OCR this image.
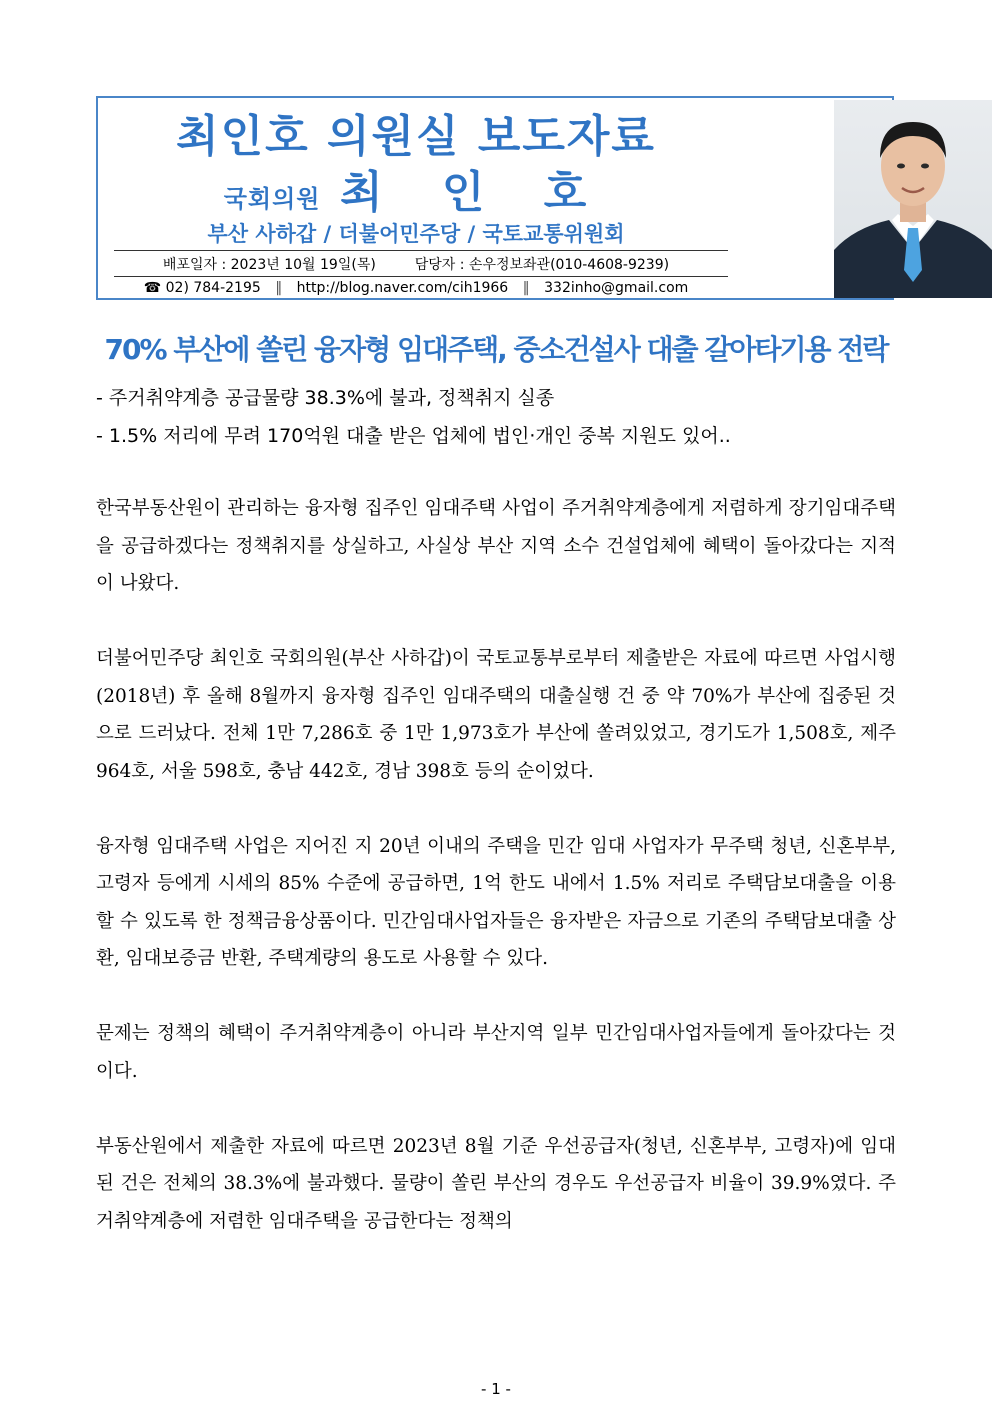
최인호 의원실 보도자료
국회의원 최 인 호
부산 사하갑 / 더불어민주당 / 국토교통위원회
배포일자 : 2023년 10월 19일(목)	담당자 : 손우정보좌관(010-4608-9239)
☎ 02) 784-2195 ‖ http://blog.naver.com/cih1966 ‖ 332inho@gmail.com
70% 부산에 쏠린 융자형 임대주택, 중소건설사 대출 갈아타기용 전락
- 주거취약계층 공급물량 38.3%에 불과, 정책취지 실종
- 1.5% 저리에 무려 170억원 대출 받은 업체에 법인·개인 중복 지원도 있어..

한국부동산원이 관리하는 융자형 집주인 임대주택 사업이 주거취약계층에게 저렴하게 장기임대주택을 공급하겠다는 정책취지를 상실하고, 사실상 부산 지역 소수 건설업체에 혜택이 돌아갔다는 지적이 나왔다.

더불어민주당 최인호 국회의원(부산 사하갑)이 국토교통부로부터 제출받은 자료에 따르면 사업시행(2018년) 후 올해 8월까지 융자형 집주인 임대주택의 대출실행 건 중 약 70%가 부산에 집중된 것으로 드러났다. 전체 1만 7,286호 중 1만 1,973호가 부산에 쏠려있었고, 경기도가 1,508호, 제주 964호, 서울 598호, 충남 442호, 경남 398호 등의 순이었다.

융자형 임대주택 사업은 지어진 지 20년 이내의 주택을 민간 임대 사업자가 무주택 청년, 신혼부부, 고령자 등에게 시세의 85% 수준에 공급하면, 1억 한도 내에서 1.5% 저리로 주택담보대출을 이용할 수 있도록 한 정책금융상품이다. 민간임대사업자들은 융자받은 자금으로 기존의 주택담보대출 상환, 임대보증금 반환, 주택계량의 용도로 사용할 수 있다.

문제는 정책의 혜택이 주거취약계층이 아니라 부산지역 일부 민간임대사업자들에게 돌아갔다는 것이다.

부동산원에서 제출한 자료에 따르면 2023년 8월 기준 우선공급자(청년, 신혼부부, 고령자)에 임대된 건은 전체의 38.3%에 불과했다. 물량이 쏠린 부산의 경우도 우선공급자 비율이 39.9%였다. 주거취약계층에 저렴한 임대주택을 공급한다는 정책의

- 1 -
